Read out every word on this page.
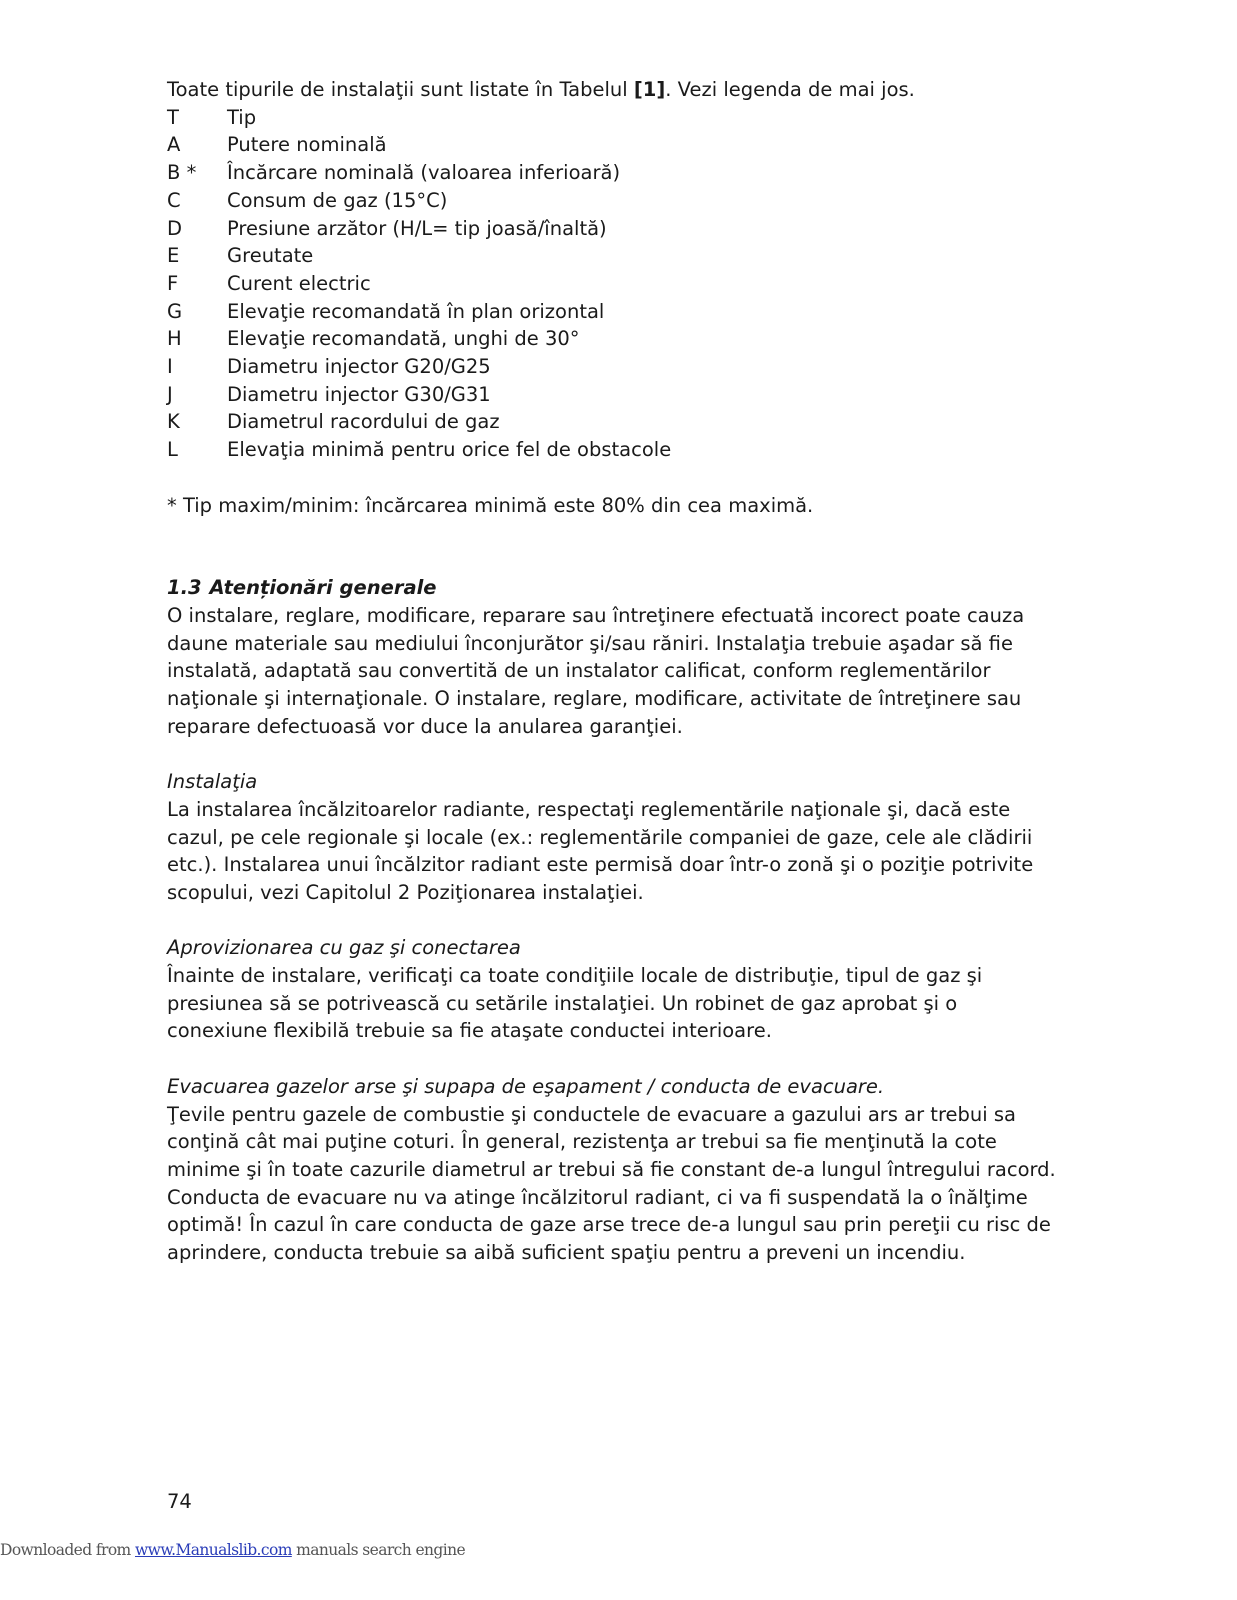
Toate tipurile de instalaţii sunt listate în Tabelul [1]. Vezi legenda de mai jos.
T	Tip
A	Putere nominală
B *	Încărcare nominală (valoarea inferioară)
C	Consum de gaz (15°C)
D	Presiune arzător (H/L= tip joasă/înaltă)
E	Greutate
F	Curent electric
G	Elevaţie recomandată în plan orizontal
H	Elevaţie recomandată, unghi de 30°
I	Diametru injector G20/G25
J	Diametru injector G30/G31
K	Diametrul racordului de gaz
L	Elevaţia minimă pentru orice fel de obstacole
* Tip maxim/minim: încărcarea minimă este 80% din cea maximă.
1.3 Atenționări generale

O instalare, reglare, modificare, reparare sau întreţinere efectuată incorect poate cauza daune materiale sau mediului înconjurător şi/sau răniri. Instalaţia trebuie aşadar să fie instalată, adaptată sau convertită de un instalator calificat, conform reglementărilor naţionale şi internaţionale. O instalare, reglare, modificare, activitate de întreţinere sau reparare defectuoasă vor duce la anularea garanţiei.

Instalaţia

La instalarea încălzitoarelor radiante, respectaţi reglementările naţionale şi, dacă este cazul, pe cele regionale şi locale (ex.: reglementările companiei de gaze, cele ale clădirii etc.). Instalarea unui încălzitor radiant este permisă doar într-o zonă şi o poziţie potrivite scopului, vezi Capitolul 2 Poziţionarea instalaţiei.

Aprovizionarea cu gaz şi conectarea

Înainte de instalare, verificaţi ca toate condiţiile locale de distribuţie, tipul de gaz şi presiunea să se potrivească cu setările instalaţiei. Un robinet de gaz aprobat şi o conexiune flexibilă trebuie sa fie ataşate conductei interioare.

Evacuarea gazelor arse şi supapa de eşapament / conducta de evacuare.

Ţevile pentru gazele de combustie şi conductele de evacuare a gazului ars ar trebui sa conţină cât mai puţine coturi. În general, rezistenţa ar trebui sa fie menţinută la cote minime şi în toate cazurile diametrul ar trebui să fie constant de-a lungul întregului racord. Conducta de evacuare nu va atinge încălzitorul radiant, ci va fi suspendată la o înălţime optimă! În cazul în care conducta de gaze arse trece de-a lungul sau prin pereţii cu risc de aprindere, conducta trebuie sa aibă suficient spaţiu pentru a preveni un incendiu.

74
Downloaded from www.Manualslib.com manuals search engine
